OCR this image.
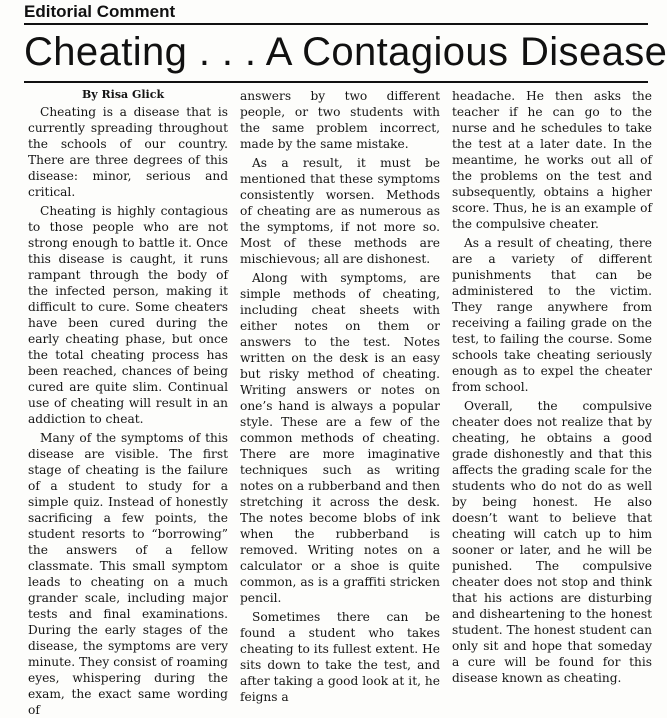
Editorial Comment
Cheating . . . A Contagious Disease
By Risa Glick

Cheating is a disease that is currently spreading throughout the schools of our country. There are three degrees of this disease: minor, serious and critical.

Cheating is highly contagious to those people who are not strong enough to battle it. Once this disease is caught, it runs rampant through the body of the infected person, making it difficult to cure. Some cheaters have been cured during the early cheating phase, but once the total cheating process has been reached, chances of being cured are quite slim. Continual use of cheating will result in an addiction to cheat.

Many of the symptoms of this disease are visible. The first stage of cheating is the failure of a student to study for a simple quiz. Instead of honestly sacrificing a few points, the student resorts to “borrowing” the answers of a fellow classmate. This small symptom leads to cheating on a much grander scale, including major tests and final examinations. During the early stages of the disease, the symptoms are very minute. They consist of roaming eyes, whispering during the exam, the exact same wording of

answers by two different people, or two students with the same problem incorrect, made by the same mistake.

As a result, it must be mentioned that these symptoms consistently worsen. Methods of cheating are as numerous as the symptoms, if not more so. Most of these methods are mischievous; all are dishonest.

Along with symptoms, are simple methods of cheating, including cheat sheets with either notes on them or answers to the test. Notes written on the desk is an easy but risky method of cheating. Writing answers or notes on one’s hand is always a popular style. These are a few of the common methods of cheating. There are more imaginative techniques such as writing notes on a rubberband and then stretching it across the desk. The notes become blobs of ink when the rubberband is removed. Writing notes on a calculator or a shoe is quite common, as is a graffiti stricken pencil.

Sometimes there can be found a student who takes cheating to its fullest extent. He sits down to take the test, and after taking a good look at it, he feigns a

headache. He then asks the teacher if he can go to the nurse and he schedules to take the test at a later date. In the meantime, he works out all of the problems on the test and subsequently, obtains a higher score. Thus, he is an example of the compulsive cheater.

As a result of cheating, there are a variety of different punishments that can be administered to the victim. They range anywhere from receiving a failing grade on the test, to failing the course. Some schools take cheating seriously enough as to expel the cheater from school.

Overall, the compulsive cheater does not realize that by cheating, he obtains a good grade dishonestly and that this affects the grading scale for the students who do not do as well by being honest. He also doesn’t want to believe that cheating will catch up to him sooner or later, and he will be punished. The compulsive cheater does not stop and think that his actions are disturbing and disheartening to the honest student. The honest student can only sit and hope that someday a cure will be found for this disease known as cheating.
